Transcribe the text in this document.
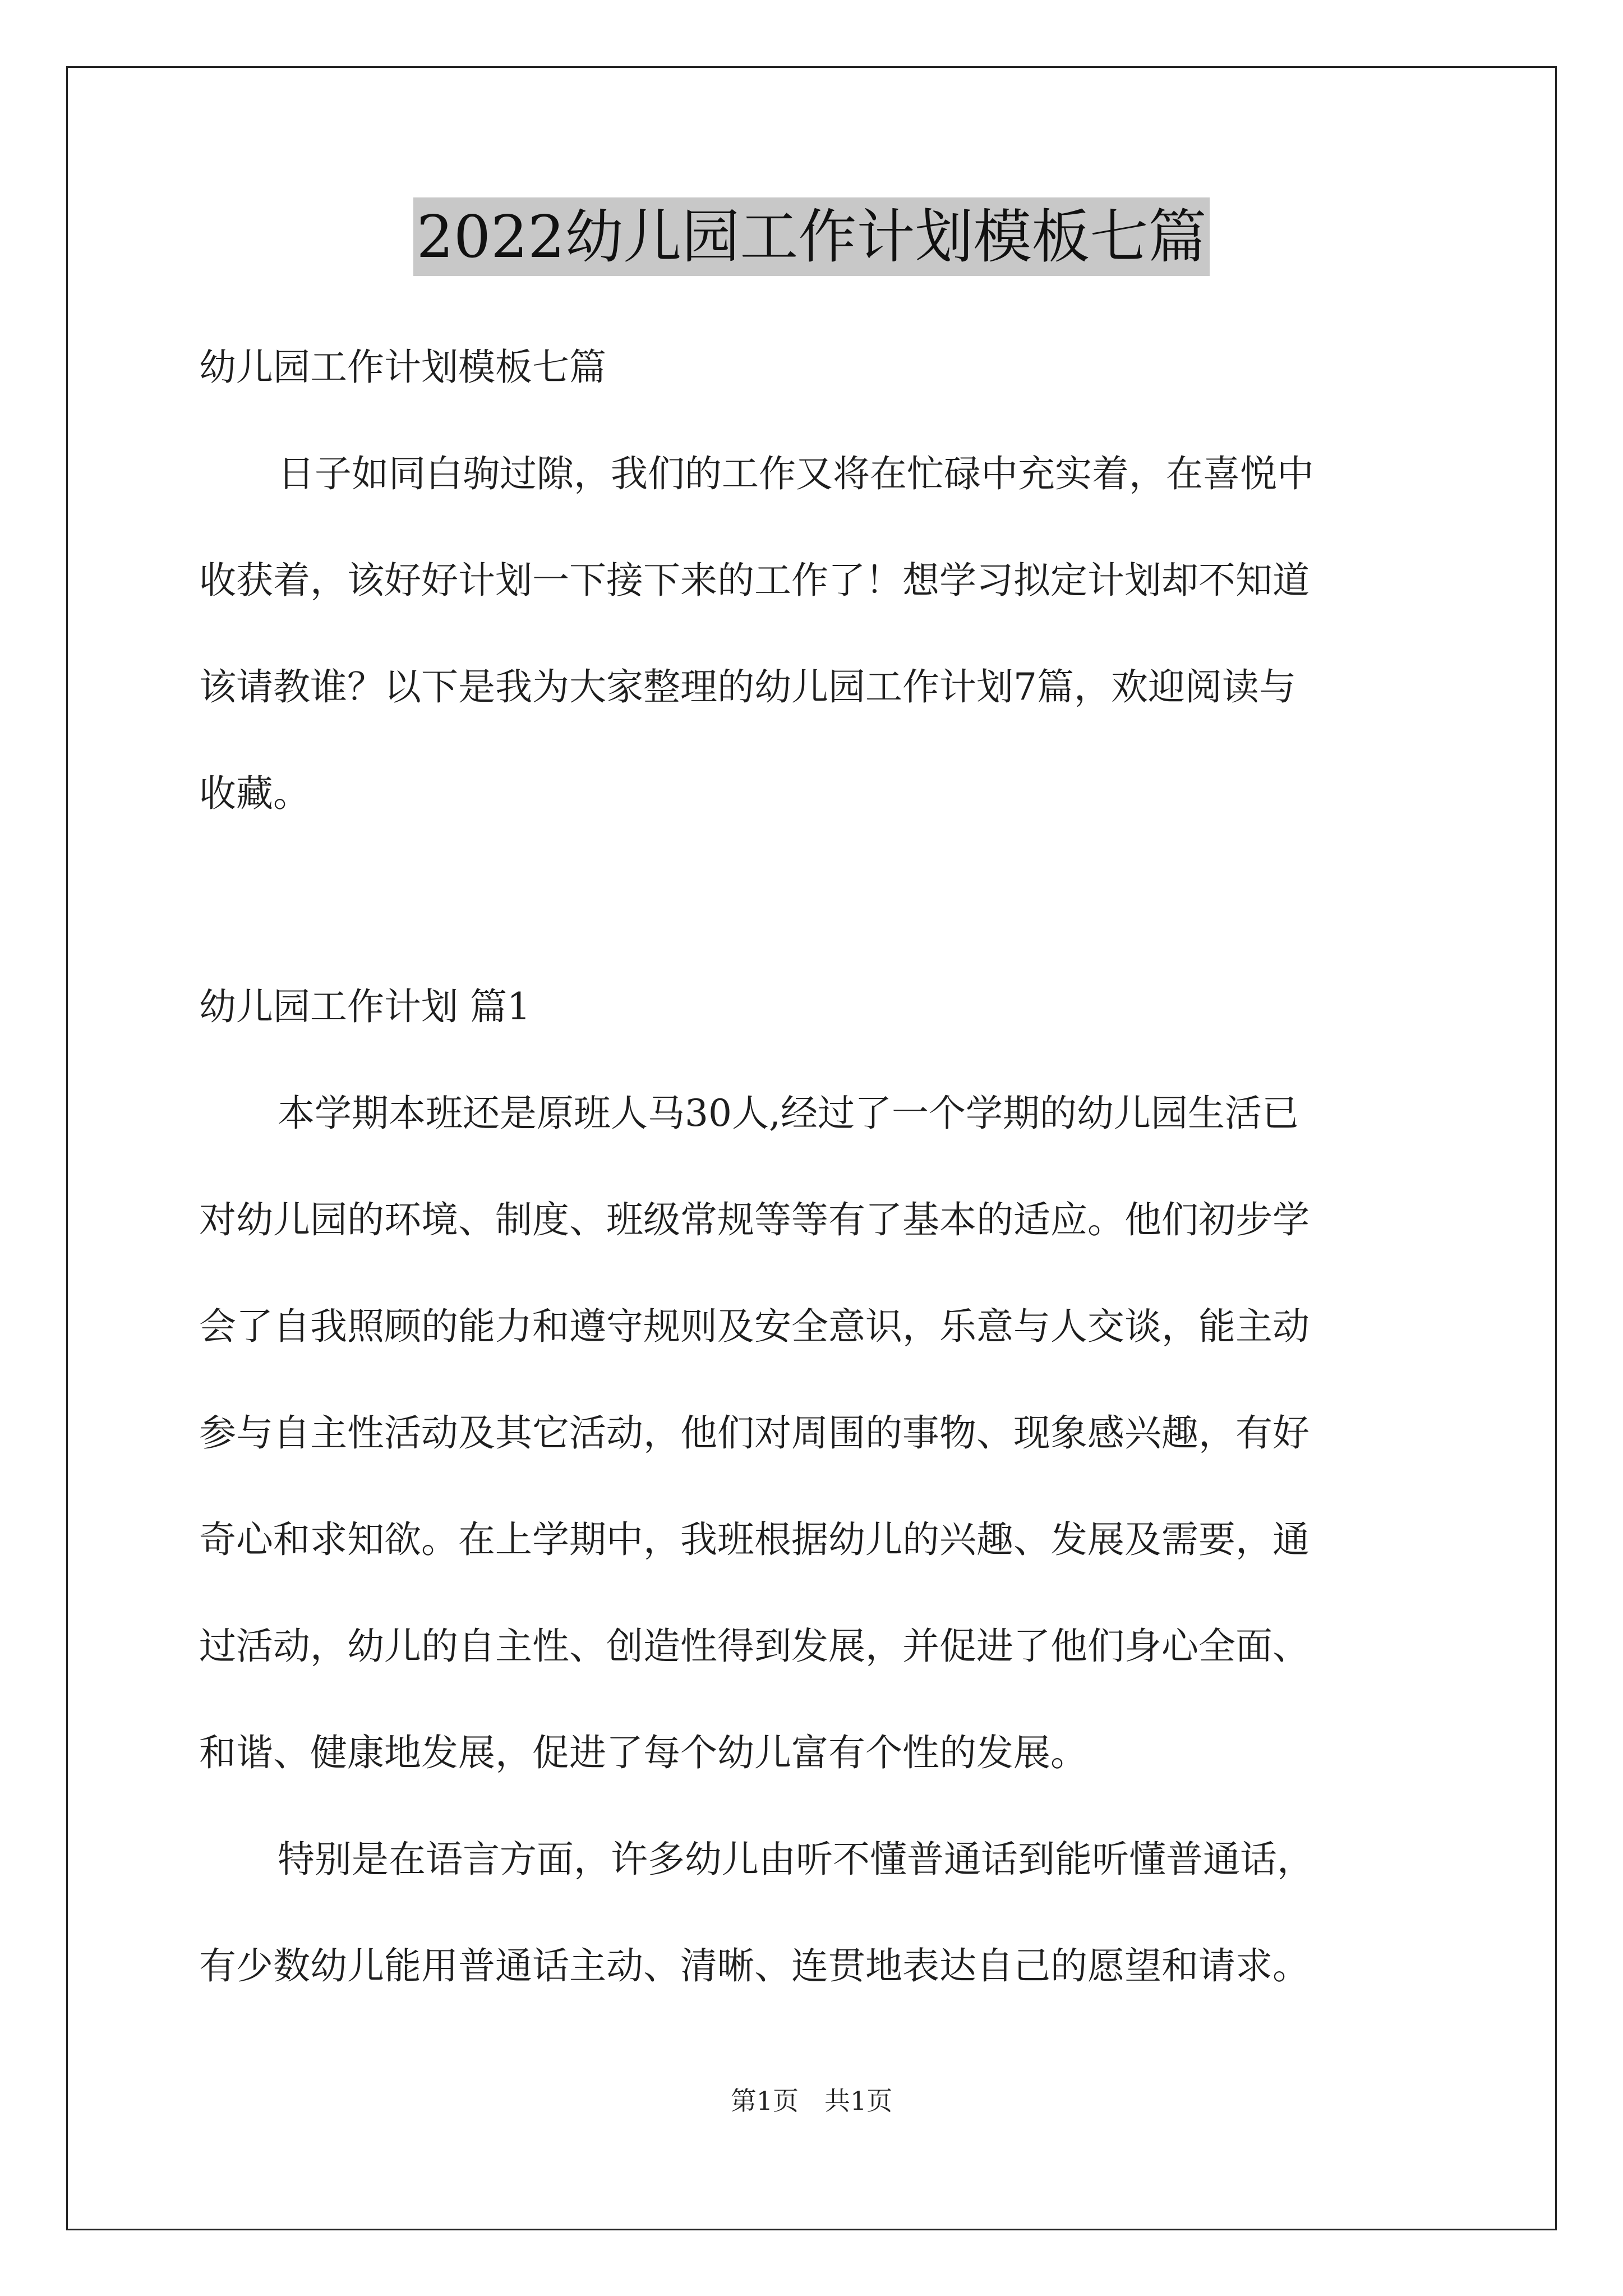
2022幼儿园工作计划模板七篇
幼儿园工作计划模板七篇
日子如同白驹过隙，我们的工作又将在忙碌中充实着，在喜悦中
收获着，该好好计划一下接下来的工作了！想学习拟定计划却不知道
该请教谁？以下是我为大家整理的幼儿园工作计划7篇，欢迎阅读与
收藏。
幼儿园工作计划 篇1
本学期本班还是原班人马30人,经过了一个学期的幼儿园生活已
对幼儿园的环境、制度、班级常规等等有了基本的适应。他们初步学
会了自我照顾的能力和遵守规则及安全意识，乐意与人交谈，能主动
参与自主性活动及其它活动，他们对周围的事物、现象感兴趣，有好
奇心和求知欲。在上学期中，我班根据幼儿的兴趣、发展及需要，通
过活动，幼儿的自主性、创造性得到发展，并促进了他们身心全面、
和谐、健康地发展，促进了每个幼儿富有个性的发展。
特别是在语言方面，许多幼儿由听不懂普通话到能听懂普通话，
有少数幼儿能用普通话主动、清晰、连贯地表达自己的愿望和请求。
第1页　共1页
